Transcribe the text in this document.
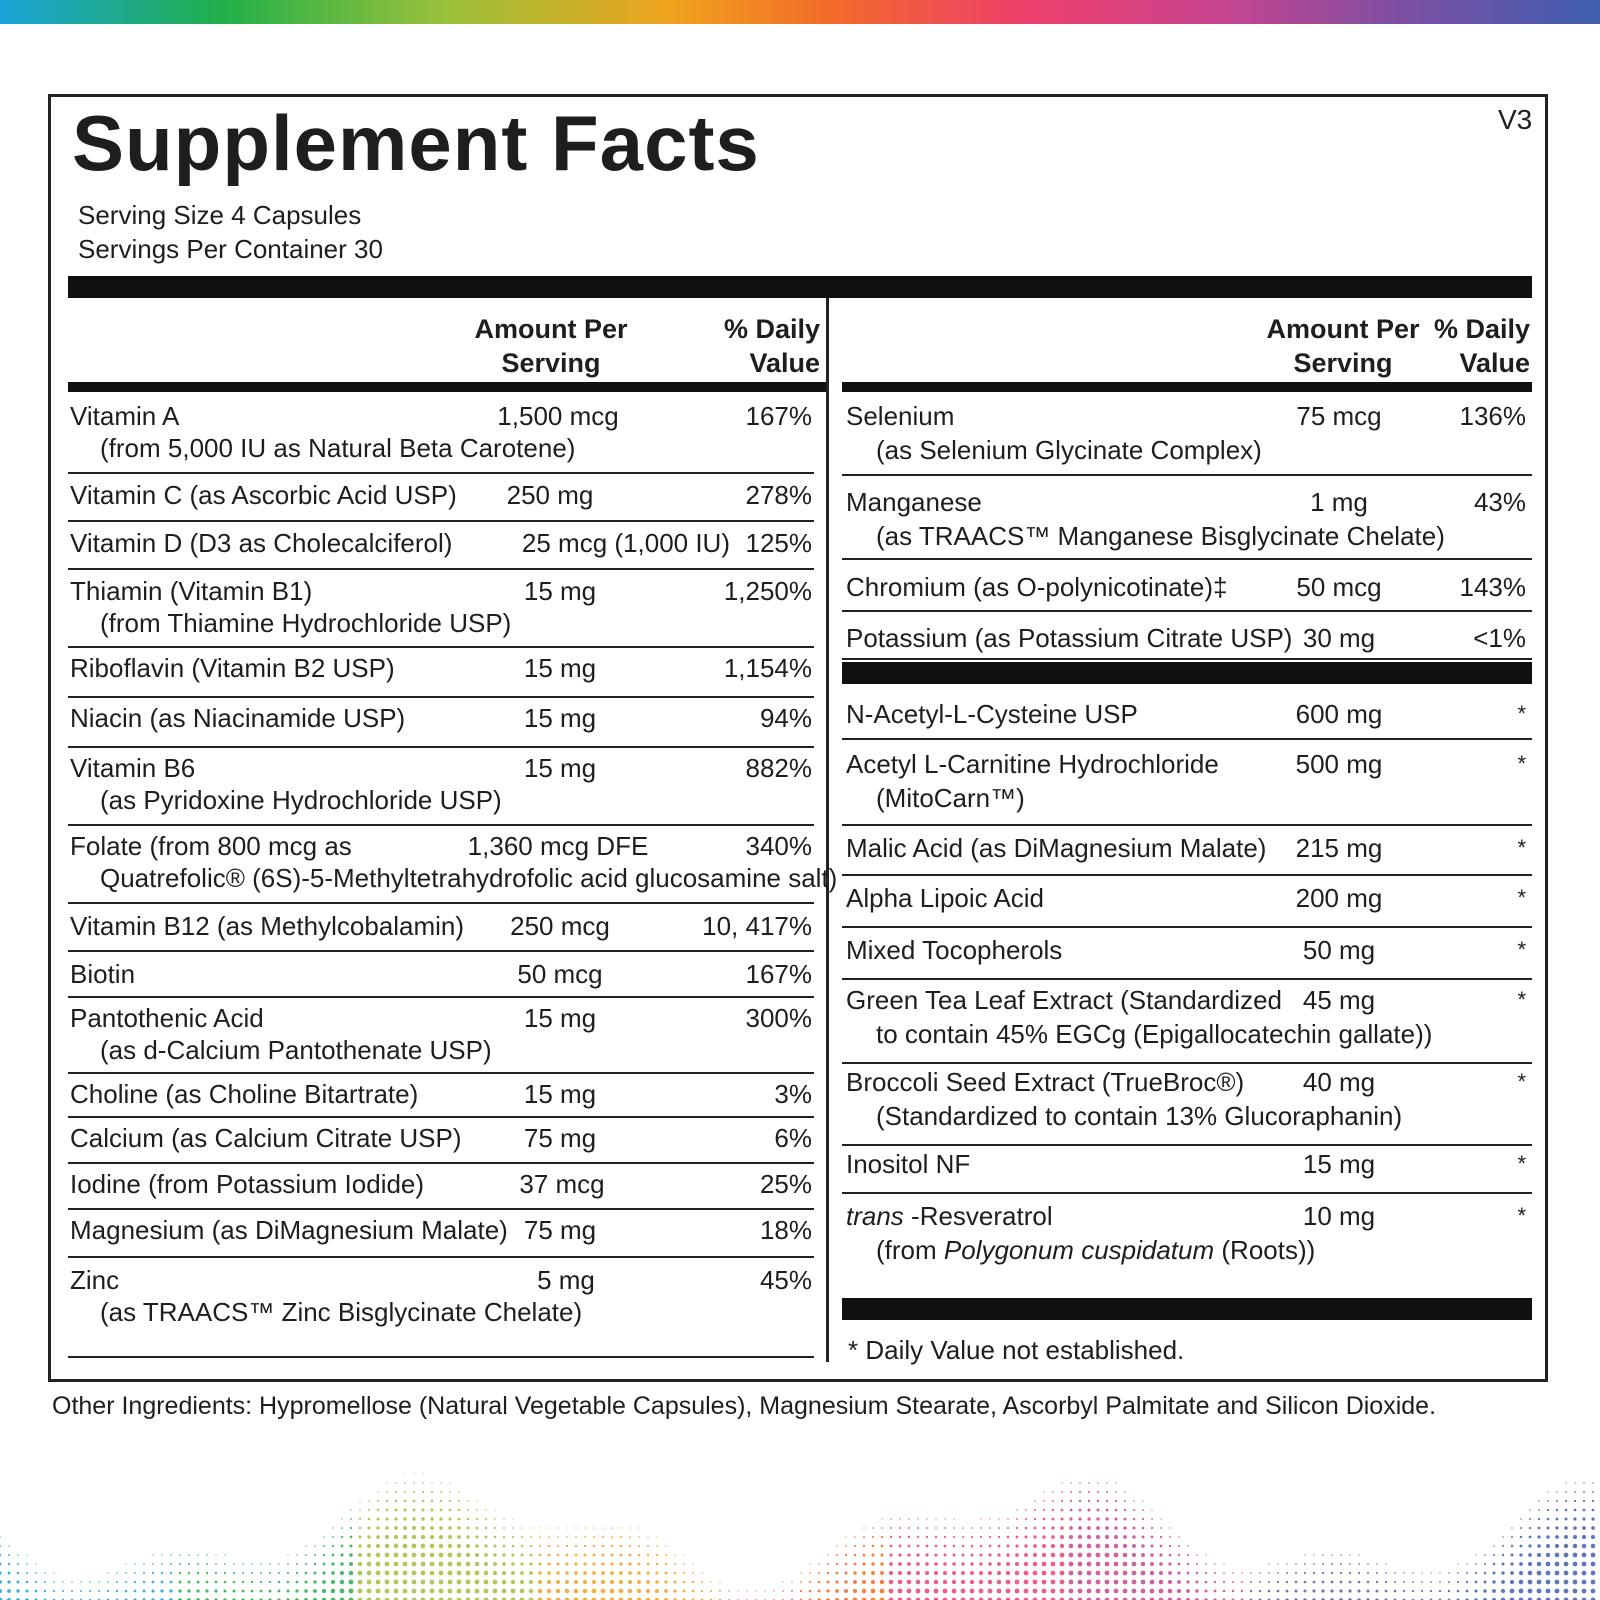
Supplement Facts	V3
Serving Size 4 Capsules
Servings Per Container 30
Amount Per
Serving
% Daily
Value
Amount Per
Serving
% Daily
Value
Vitamin A
(from 5,000 IU as Natural Beta Carotene)
1,500 mcg	167%
Vitamin C (as Ascorbic Acid USP)	250 mg	278%
Vitamin D (D3 as Cholecalciferol)	25 mcg (1,000 IU) 125%
Thiamin (Vitamin B1)
(from Thiamine Hydrochloride USP)
15 mg	1,250%
Riboflavin (Vitamin B2 USP)	15 mg	1,154%
Niacin (as Niacinamide USP)	15 mg	94%
Vitamin B6
(as Pyridoxine Hydrochloride USP)
15 mg	882%
Folate (from 800 mcg as
Quatrefolic® (6S)-5-Methyltetrahydrofolic acid glucosamine salt)
1,360 mcg DFE	340%
Vitamin B12 (as Methylcobalamin)	250 mcg	10, 417%
Biotin	50 mcg	167%
Pantothenic Acid
(as d-Calcium Pantothenate USP)
15 mg	300%
Choline (as Choline Bitartrate)	15 mg	3%
Calcium (as Calcium Citrate USP)	75 mg	6%
Iodine (from Potassium Iodide)	37 mcg	25%
Magnesium (as DiMagnesium Malate) 75 mg	18%
Zinc
(as TRAACS™ Zinc Bisglycinate Chelate)
5 mg	45%
Selenium
(as Selenium Glycinate Complex)
75 mcg	136%
Manganese
(as TRAACS™ Manganese Bisglycinate Chelate)
1 mg	43%
Chromium (as O-polynicotinate)‡	50 mcg	143%
Potassium (as Potassium Citrate USP) 30 mg	<1%
N-Acetyl-L-Cysteine USP	600 mg	*
Acetyl L-Carnitine Hydrochloride
(MitoCarn™)
500 mg	*
Malic Acid (as DiMagnesium Malate)	215 mg	*
Alpha Lipoic Acid	200 mg	*
Mixed Tocopherols	50 mg	*
Green Tea Leaf Extract (Standardized
to contain 45% EGCg (Epigallocatechin gallate))
45 mg	*
Broccoli Seed Extract (TrueBroc®)
(Standardized to contain 13% Glucoraphanin)
40 mg	*
Inositol NF	15 mg	*
trans -Resveratrol
(from Polygonum cuspidatum (Roots))
10 mg	*
* Daily Value not established.
Other Ingredients: Hypromellose (Natural Vegetable Capsules), Magnesium Stearate, Ascorbyl Palmitate and Silicon Dioxide.
